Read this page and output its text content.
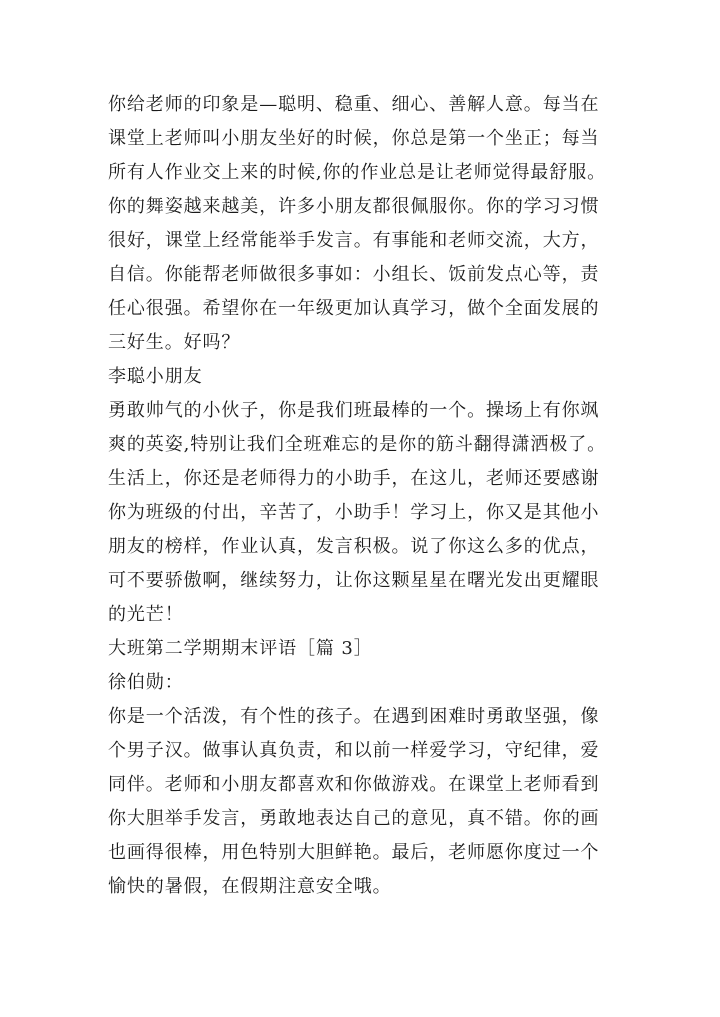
你给老师的印象是—聪明、稳重、细心、善解人意。每当在
课堂上老师叫小朋友坐好的时候，你总是第一个坐正；每当
所有人作业交上来的时候,你的作业总是让老师觉得最舒服。
你的舞姿越来越美，许多小朋友都很佩服你。你的学习习惯
很好，课堂上经常能举手发言。有事能和老师交流，大方，
自信。你能帮老师做很多事如：小组长、饭前发点心等，责
任心很强。希望你在一年级更加认真学习，做个全面发展的
三好生。好吗？
李聪小朋友
勇敢帅气的小伙子，你是我们班最棒的一个。操场上有你飒
爽的英姿,特别让我们全班难忘的是你的筋斗翻得潇洒极了。
生活上，你还是老师得力的小助手，在这儿，老师还要感谢
你为班级的付出，辛苦了，小助手！学习上，你又是其他小
朋友的榜样，作业认真，发言积极。说了你这么多的优点，
可不要骄傲啊，继续努力，让你这颗星星在曙光发出更耀眼
的光芒！
大班第二学期期末评语［篇 3］
徐伯勋：
你是一个活泼，有个性的孩子。在遇到困难时勇敢坚强，像
个男子汉。做事认真负责，和以前一样爱学习，守纪律，爱
同伴。老师和小朋友都喜欢和你做游戏。在课堂上老师看到
你大胆举手发言，勇敢地表达自己的意见，真不错。你的画
也画得很棒，用色特别大胆鲜艳。最后，老师愿你度过一个
愉快的暑假，在假期注意安全哦。
